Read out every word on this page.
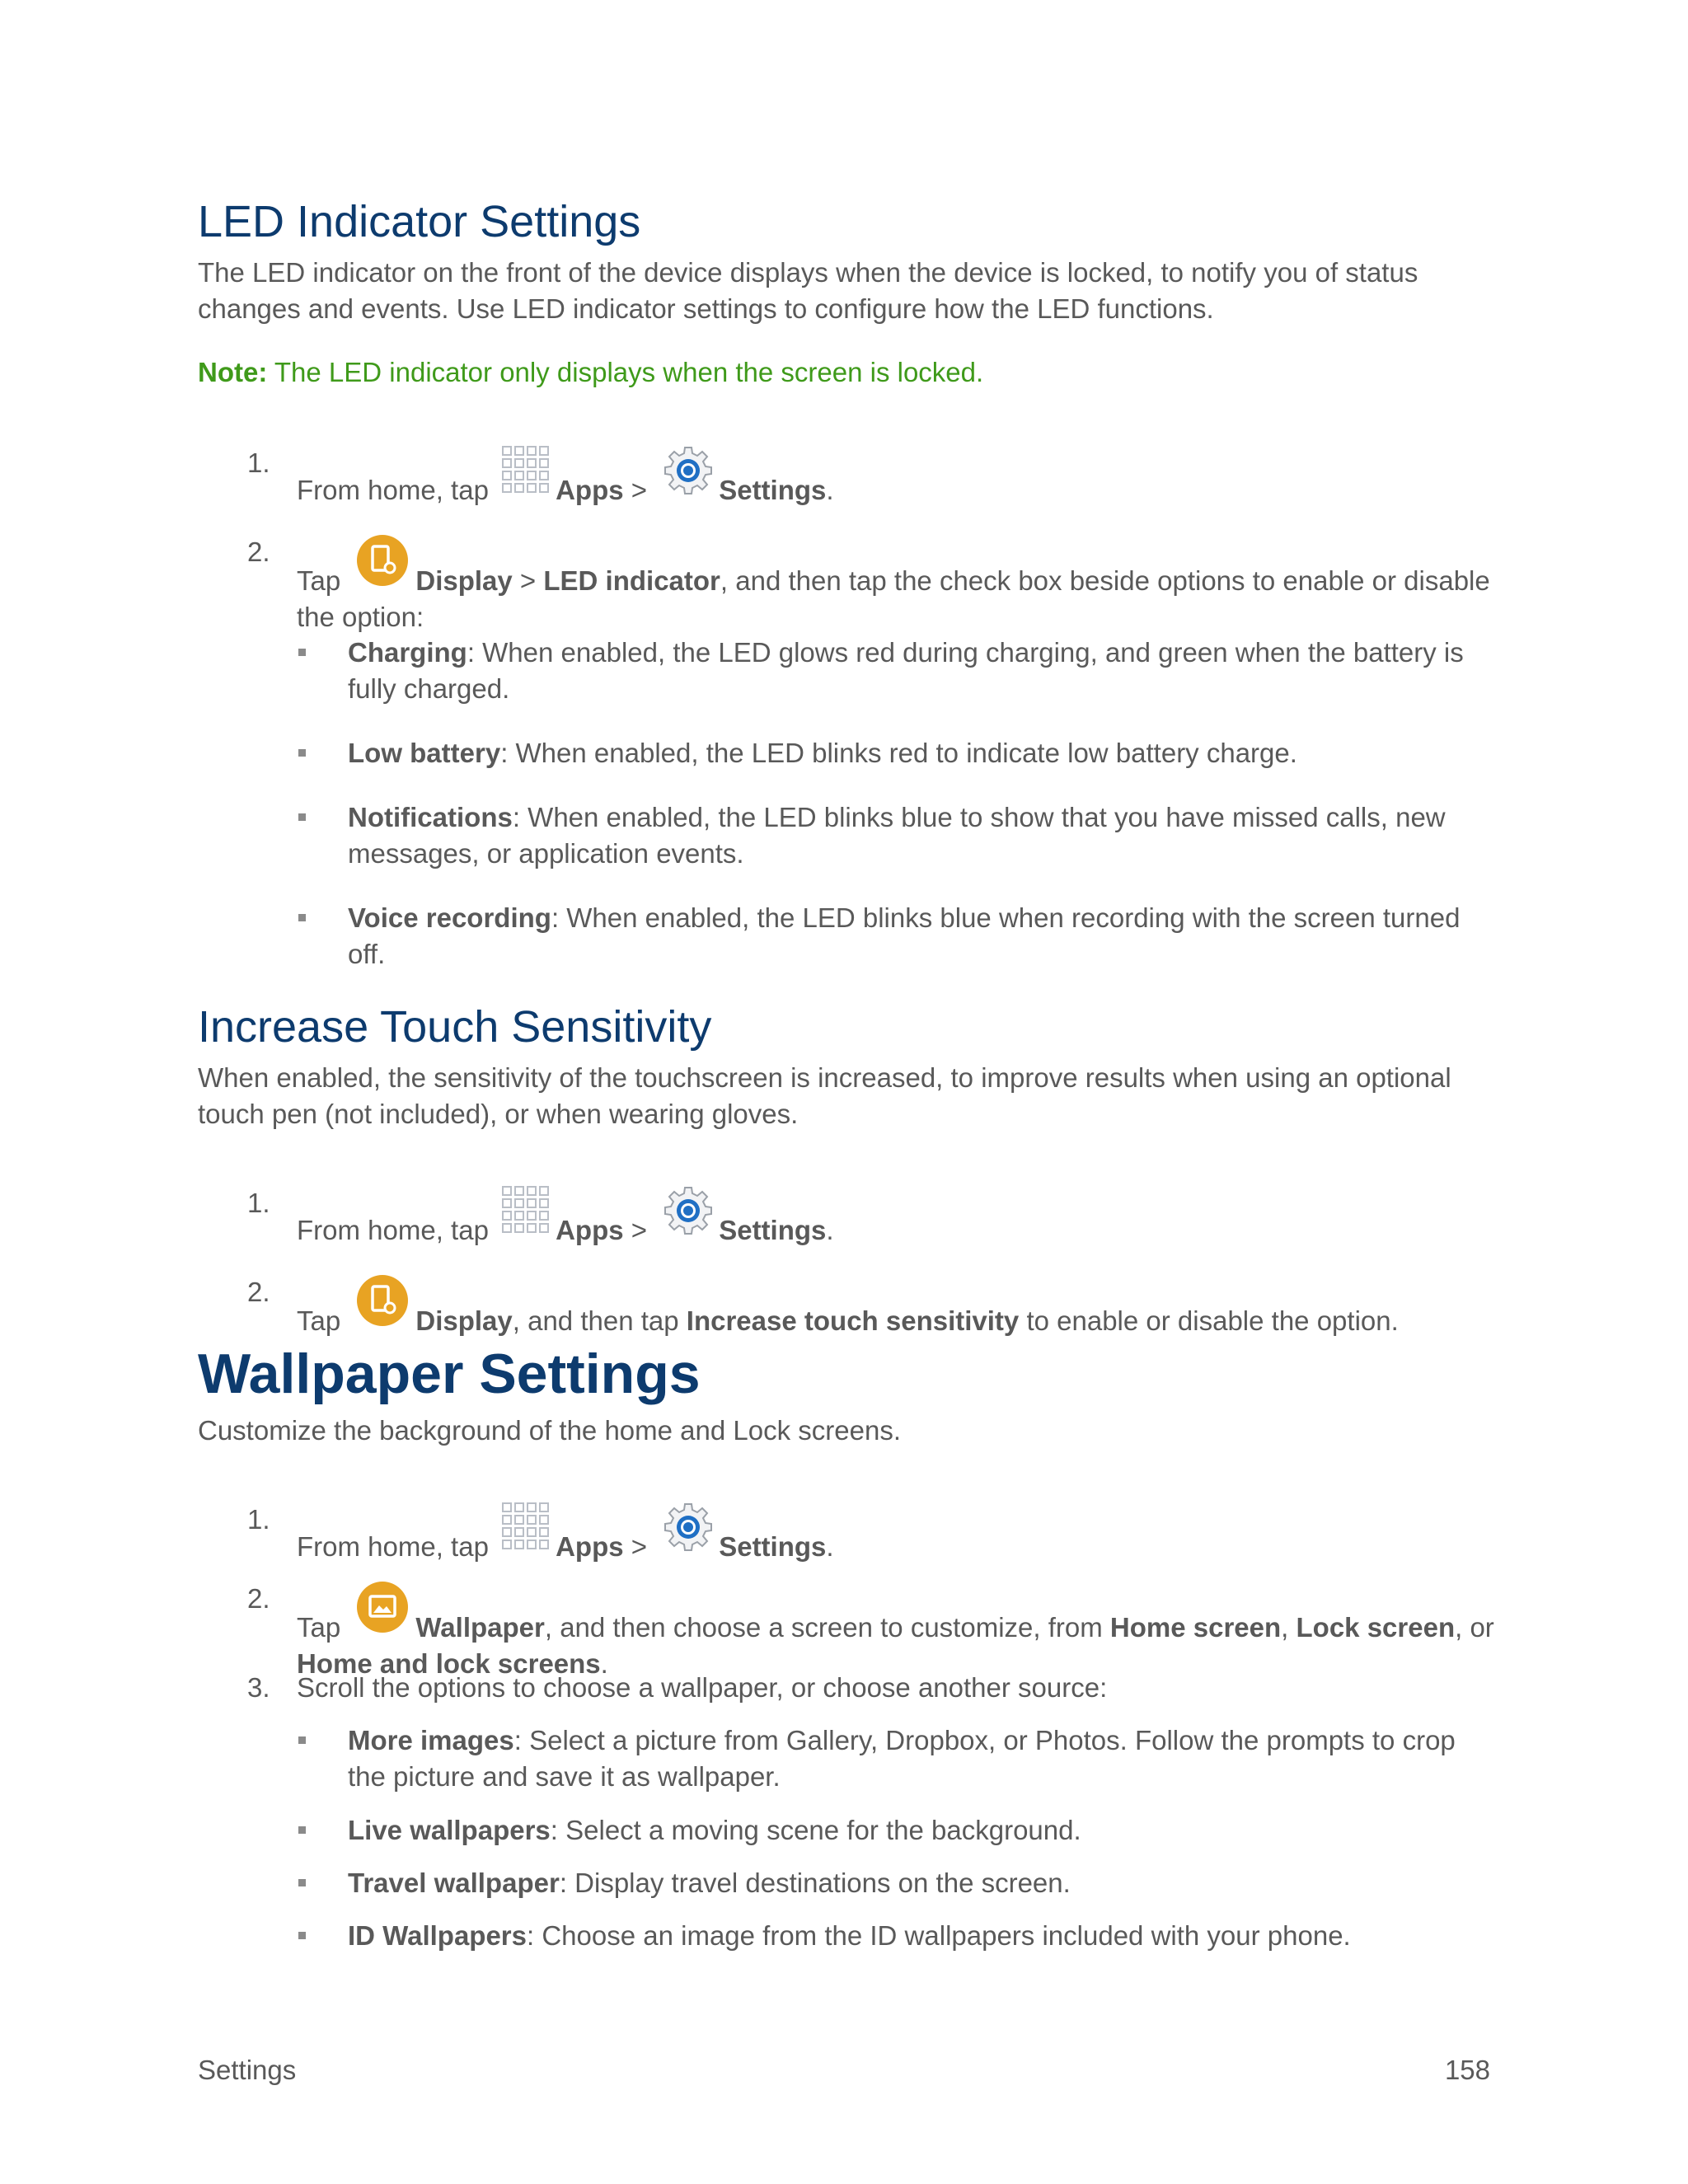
LED Indicator Settings

The LED indicator on the front of the device displays when the device is locked, to notify you of status changes and events. Use LED indicator settings to configure how the LED functions.

Note: The LED indicator only displays when the screen is locked.

1.
From home, tap
Apps >
Settings.
2.
Tap
Display > LED indicator, and then tap the check box beside options to enable or disable the option:
Charging: When enabled, the LED glows red during charging, and green when the battery is fully charged.
Low battery: When enabled, the LED blinks red to indicate low battery charge.
Notifications: When enabled, the LED blinks blue to show that you have missed calls, new messages, or application events.
Voice recording: When enabled, the LED blinks blue when recording with the screen turned off.
Increase Touch Sensitivity

When enabled, the sensitivity of the touchscreen is increased, to improve results when using an optional touch pen (not included), or when wearing gloves.

1.
From home, tap
Apps >
Settings.
2.
Tap
Display, and then tap Increase touch sensitivity to enable or disable the option.
Wallpaper Settings

Customize the background of the home and Lock screens.

1.
From home, tap
Apps >
Settings.
2.
Tap
Wallpaper, and then choose a screen to customize, from Home screen, Lock screen, or Home and lock screens.
3. Scroll the options to choose a wallpaper, or choose another source:
More images: Select a picture from Gallery, Dropbox, or Photos. Follow the prompts to crop the picture and save it as wallpaper.
Live wallpapers: Select a moving scene for the background.
Travel wallpaper: Display travel destinations on the screen.
ID Wallpapers: Choose an image from the ID wallpapers included with your phone.
Settings	158
